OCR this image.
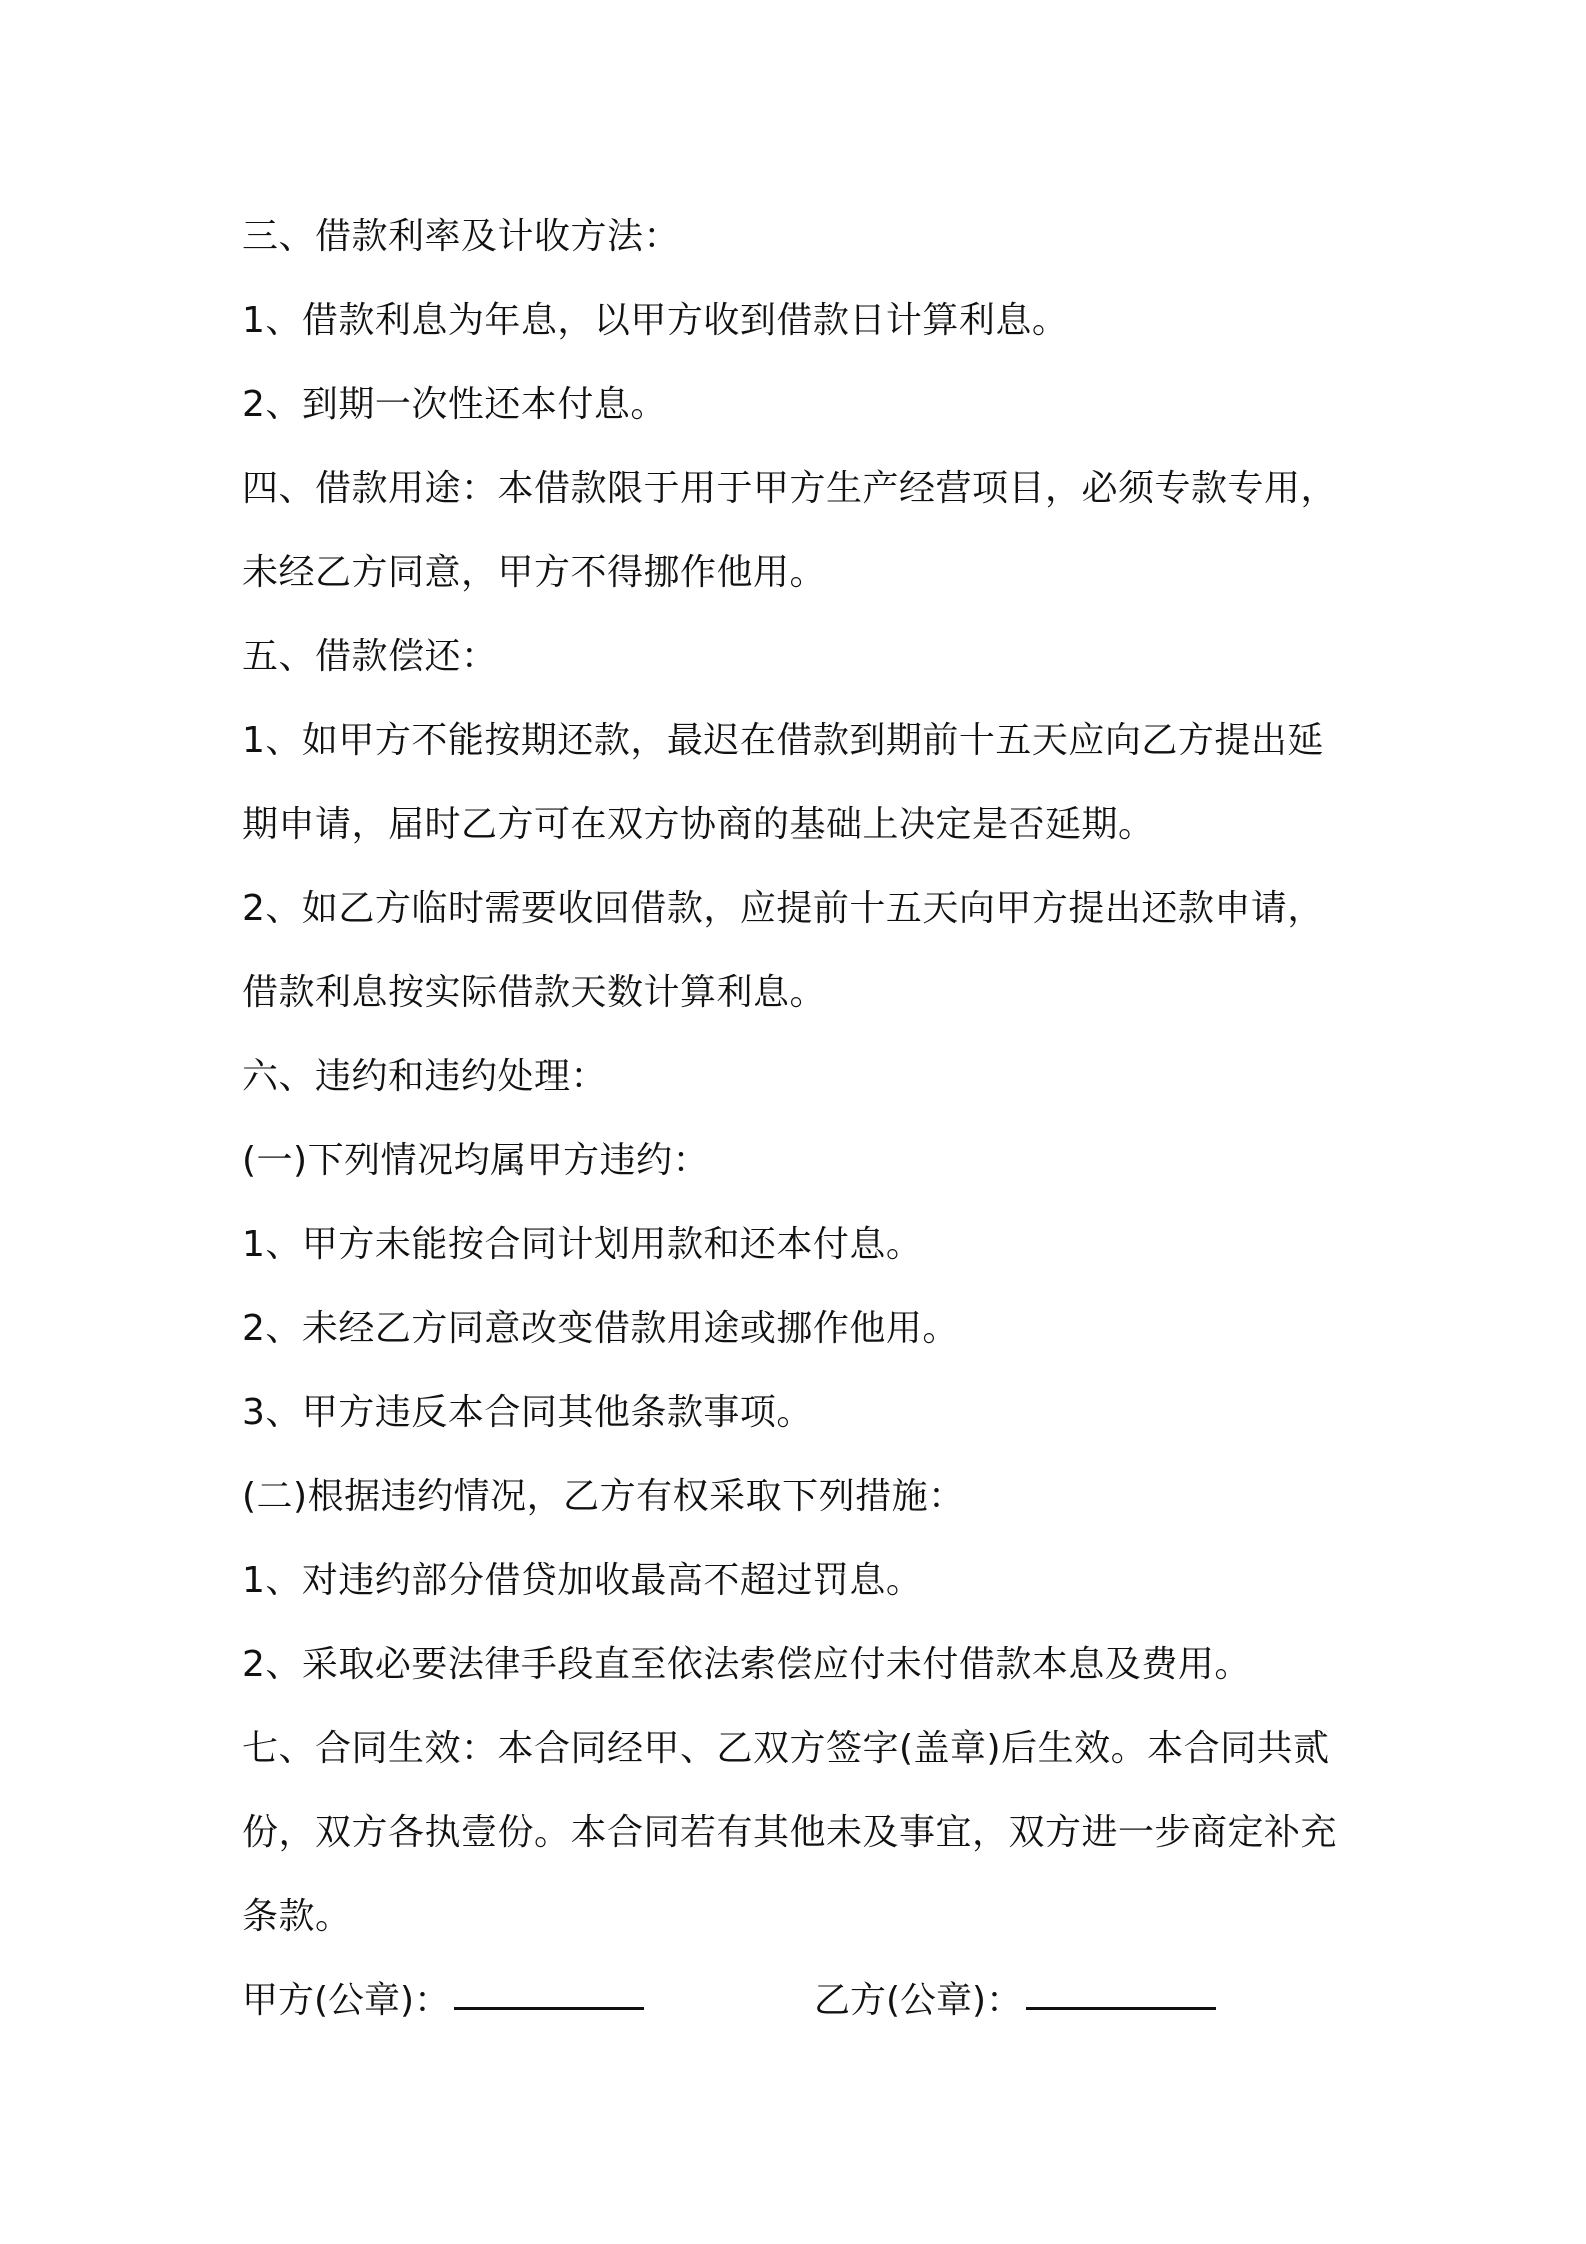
三、借款利率及计收方法：
1、借款利息为年息，以甲方收到借款日计算利息。
2、到期一次性还本付息。
四、借款用途：本借款限于用于甲方生产经营项目，必须专款专用，
未经乙方同意，甲方不得挪作他用。
五、借款偿还：
1、如甲方不能按期还款，最迟在借款到期前十五天应向乙方提出延
期申请，届时乙方可在双方协商的基础上决定是否延期。
2、如乙方临时需要收回借款，应提前十五天向甲方提出还款申请，
借款利息按实际借款天数计算利息。
六、违约和违约处理：
(一)下列情况均属甲方违约：
1、甲方未能按合同计划用款和还本付息。
2、未经乙方同意改变借款用途或挪作他用。
3、甲方违反本合同其他条款事项。
(二)根据违约情况，乙方有权采取下列措施：
1、对违约部分借贷加收最高不超过罚息。
2、采取必要法律手段直至依法索偿应付未付借款本息及费用。
七、合同生效：本合同经甲、乙双方签字(盖章)后生效。本合同共贰
份，双方各执壹份。本合同若有其他未及事宜，双方进一步商定补充
条款。
甲方(公章)：	乙方(公章)：
